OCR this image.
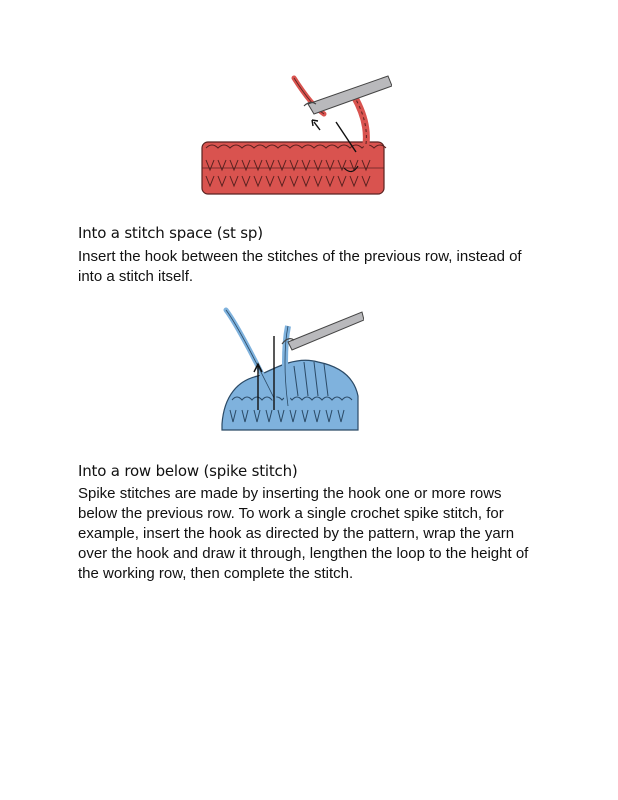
Into a stitch space (st sp)

Insert the hook between the stitches of the previous row, instead of into a stitch itself.

Into a row below (spike stitch)

Spike stitches are made by inserting the hook one or more rows below the previous row. To work a single crochet spike stitch, for example, insert the hook as directed by the pattern, wrap the yarn over the hook and draw it through, lengthen the loop to the height of the working row, then complete the stitch.
